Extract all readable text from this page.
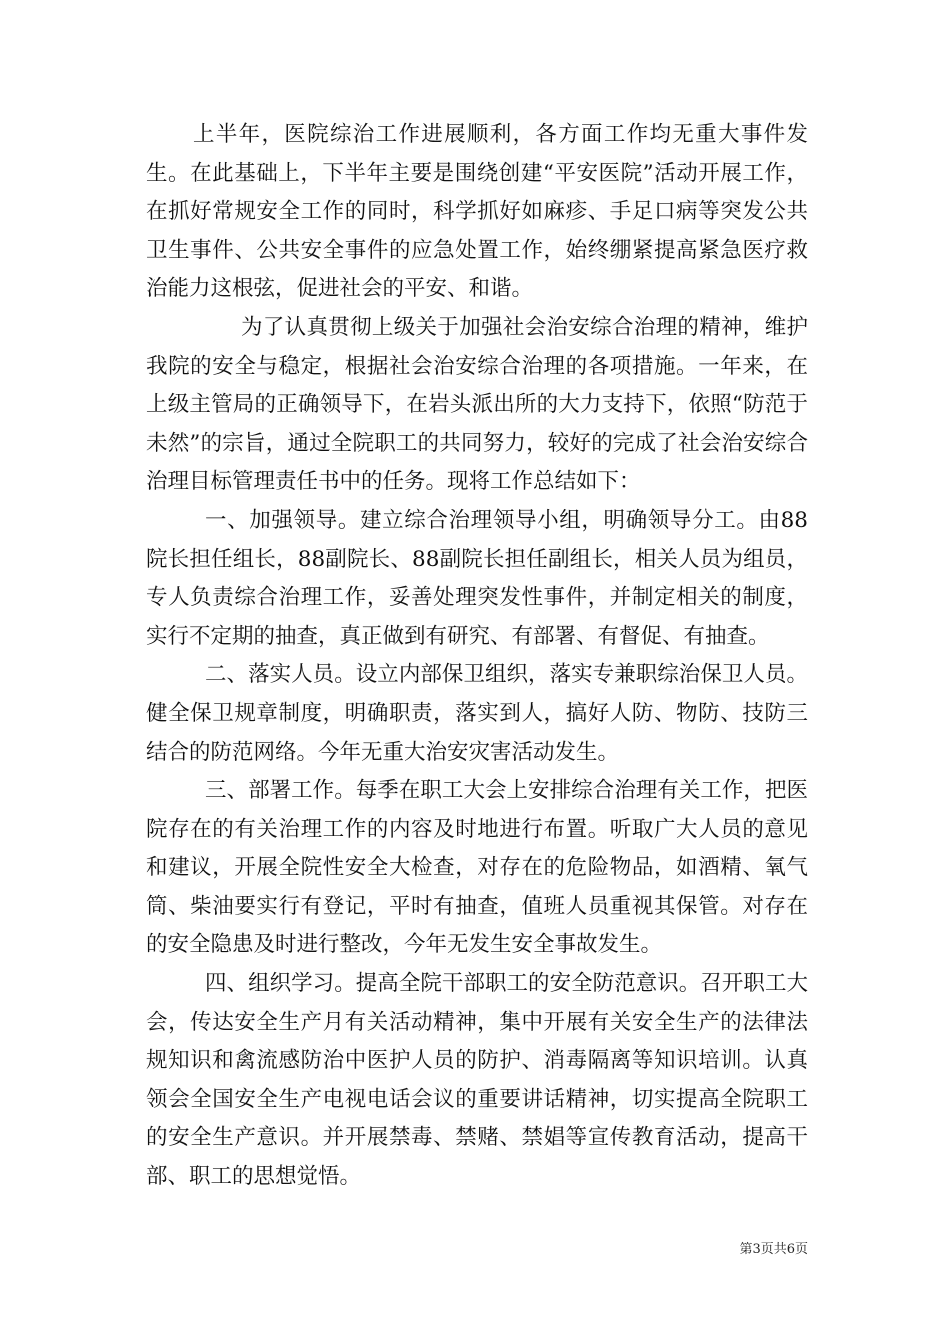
上半年，医院综治工作进展顺利，各方面工作均无重大事件发生。在此基础上，下半年主要是围绕创建“平安医院”活动开展工作，在抓好常规安全工作的同时，科学抓好如麻疹、手足口病等突发公共卫生事件、公共安全事件的应急处置工作，始终绷紧提高紧急医疗救治能力这根弦，促进社会的平安、和谐。

为了认真贯彻上级关于加强社会治安综合治理的精神，维护我院的安全与稳定，根据社会治安综合治理的各项措施。一年来，在上级主管局的正确领导下，在岩头派出所的大力支持下，依照“防范于未然”的宗旨，通过全院职工的共同努力，较好的完成了社会治安综合治理目标管理责任书中的任务。现将工作总结如下：

一、加强领导。建立综合治理领导小组，明确领导分工。由88院长担任组长，88副院长、88副院长担任副组长，相关人员为组员，专人负责综合治理工作，妥善处理突发性事件，并制定相关的制度，实行不定期的抽查，真正做到有研究、有部署、有督促、有抽查。

二、落实人员。设立内部保卫组织，落实专兼职综治保卫人员。健全保卫规章制度，明确职责，落实到人，搞好人防、物防、技防三结合的防范网络。今年无重大治安灾害活动发生。

三、部署工作。每季在职工大会上安排综合治理有关工作，把医院存在的有关治理工作的内容及时地进行布置。听取广大人员的意见和建议，开展全院性安全大检查，对存在的危险物品，如酒精、氧气筒、柴油要实行有登记，平时有抽查，值班人员重视其保管。对存在的安全隐患及时进行整改，今年无发生安全事故发生。

四、组织学习。提高全院干部职工的安全防范意识。召开职工大会，传达安全生产月有关活动精神，集中开展有关安全生产的法律法规知识和禽流感防治中医护人员的防护、消毒隔离等知识培训。认真领会全国安全生产电视电话会议的重要讲话精神，切实提高全院职工的安全生产意识。并开展禁毒、禁赌、禁娼等宣传教育活动，提高干部、职工的思想觉悟。

第3页共6页
